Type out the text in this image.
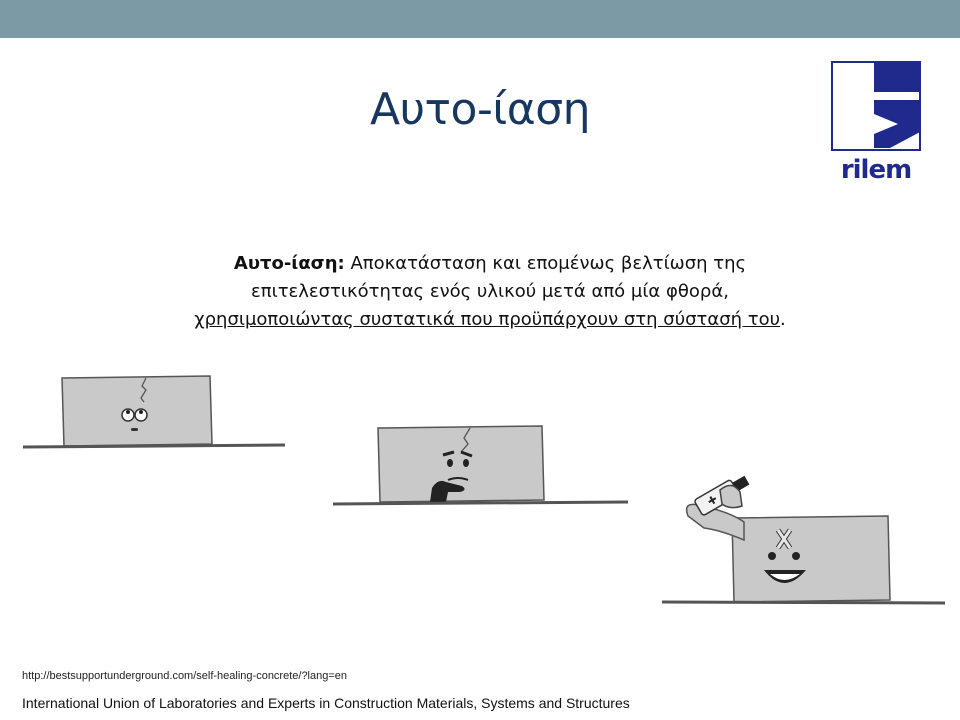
Αυτο-ίαση
rilem
Αυτο-ίαση: Αποκατάσταση και επομένως βελτίωση της
επιτελεστικότητας ενός υλικού μετά από μία φθορά,
χρησιμοποιώντας συστατικά που προϋπάρχουν στη σύστασή του.
http://bestsupportunderground.com/self-healing-concrete/?lang=en
International Union of Laboratories and Experts in Construction Materials, Systems and Structures
